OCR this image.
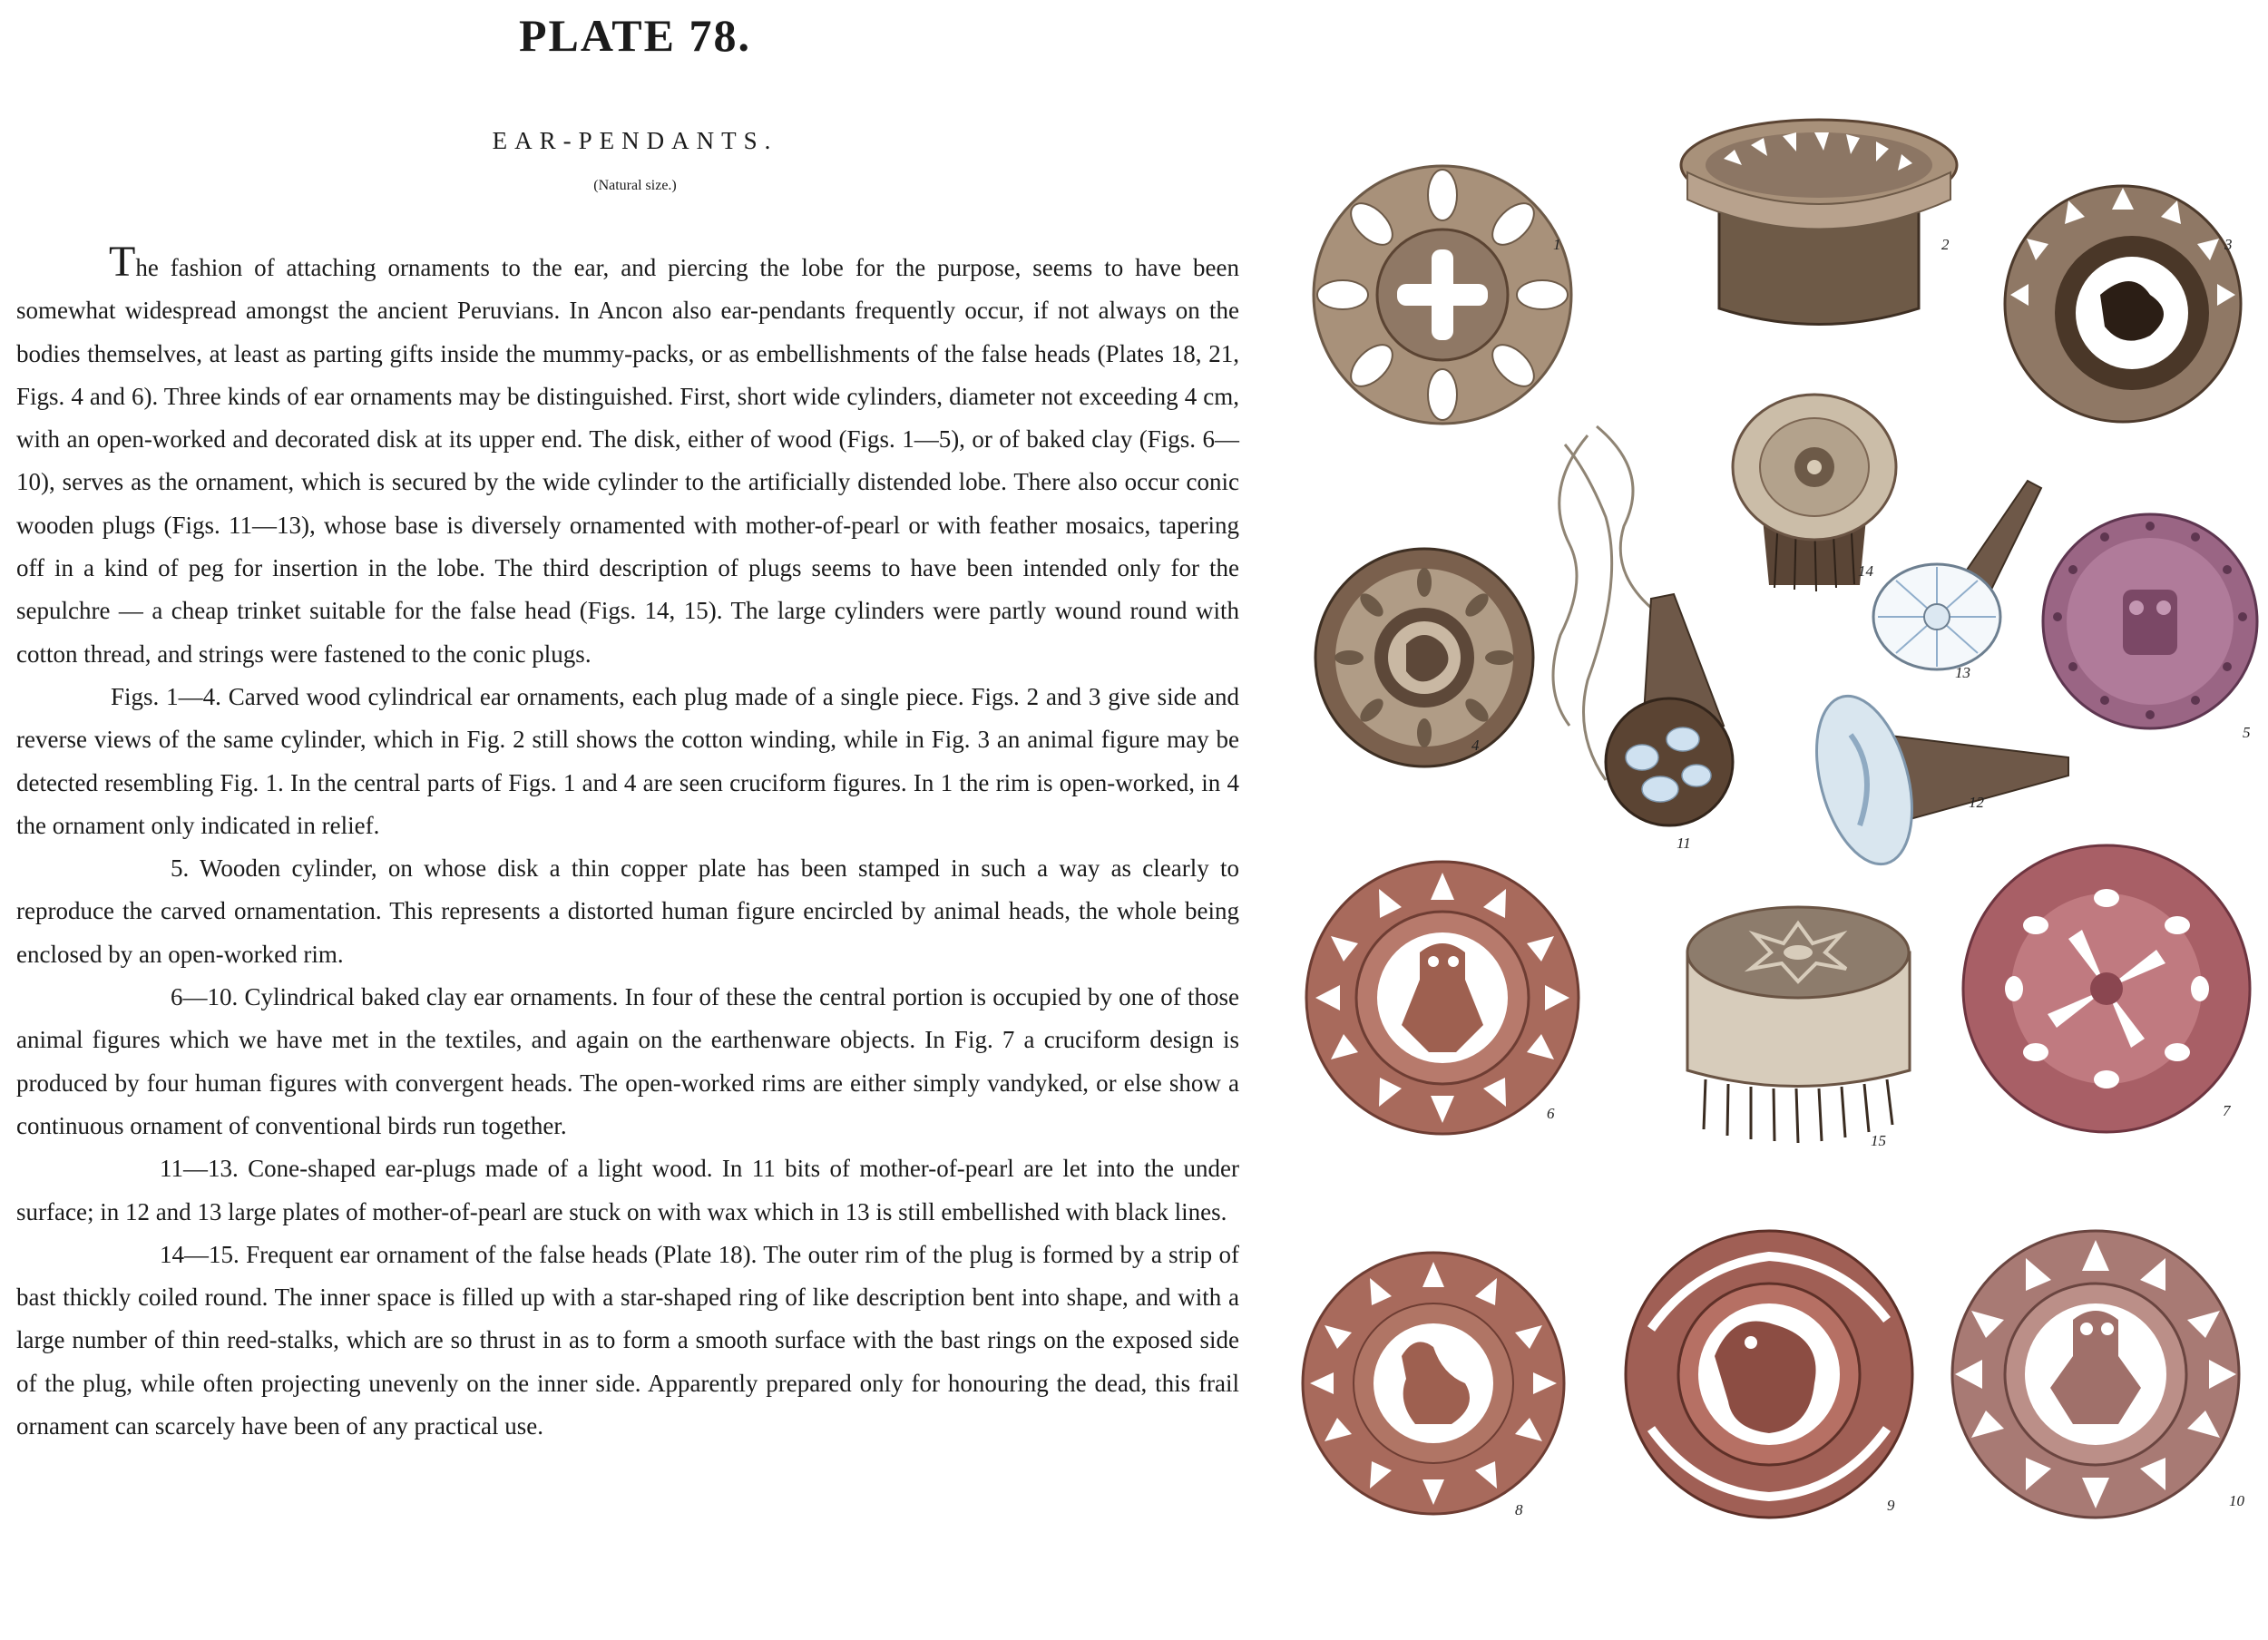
PLATE 78.
EAR-PENDANTS.
(Natural size.)

The fashion of attaching ornaments to the ear, and piercing the lobe for the purpose, seems to have been somewhat widespread amongst the ancient Peruvians. In Ancon also ear-pendants frequently occur, if not always on the bodies themselves, at least as parting gifts inside the mummy-packs, or as embellishments of the false heads (Plates 18, 21, Figs. 4 and 6). Three kinds of ear ornaments may be distinguished. First, short wide cylinders, diameter not exceeding 4 cm, with an open-worked and decorated disk at its upper end. The disk, either of wood (Figs. 1—5), or of baked clay (Figs. 6—10), serves as the ornament, which is secured by the wide cylinder to the artificially distended lobe. There also occur conic wooden plugs (Figs. 11—13), whose base is diversely ornamented with mother-of-pearl or with feather mosaics, tapering off in a kind of peg for insertion in the lobe. The third description of plugs seems to have been intended only for the sepulchre — a cheap trinket suitable for the false head (Figs. 14, 15). The large cylinders were partly wound round with cotton thread, and strings were fastened to the conic plugs.

Figs. 1—4. Carved wood cylindrical ear ornaments, each plug made of a single piece. Figs. 2 and 3 give side and reverse views of the same cylinder, which in Fig. 2 still shows the cotton winding, while in Fig. 3 an animal figure may be detected resembling Fig. 1. In the central parts of Figs. 1 and 4 are seen cruciform figures. In 1 the rim is open-worked, in 4 the ornament only indicated in relief.

5. Wooden cylinder, on whose disk a thin copper plate has been stamped in such a way as clearly to reproduce the carved ornamentation. This represents a distorted human figure encircled by animal heads, the whole being enclosed by an open-worked rim.

6—10. Cylindrical baked clay ear ornaments. In four of these the central portion is occupied by one of those animal figures which we have met in the textiles, and again on the earthenware objects. In Fig. 7 a cruciform design is produced by four human figures with convergent heads. The open-worked rims are either simply vandyked, or else show a continuous ornament of conventional birds run together.

11—13. Cone-shaped ear-plugs made of a light wood. In 11 bits of mother-of-pearl are let into the under surface; in 12 and 13 large plates of mother-of-pearl are stuck on with wax which in 13 is still embellished with black lines.

14—15. Frequent ear ornament of the false heads (Plate 18). The outer rim of the plug is formed by a strip of bast thickly coiled round. The inner space is filled up with a star-shaped ring of like description bent into shape, and with a large number of thin reed-stalks, which are so thrust in as to form a smooth surface with the bast rings on the exposed side of the plug, while often projecting unevenly on the inner side. Apparently prepared only for honouring the dead, this frail ornament can scarcely have been of any practical use.

1	2	3
14
4
11
13
5
12
6
15
7
8	9	10
